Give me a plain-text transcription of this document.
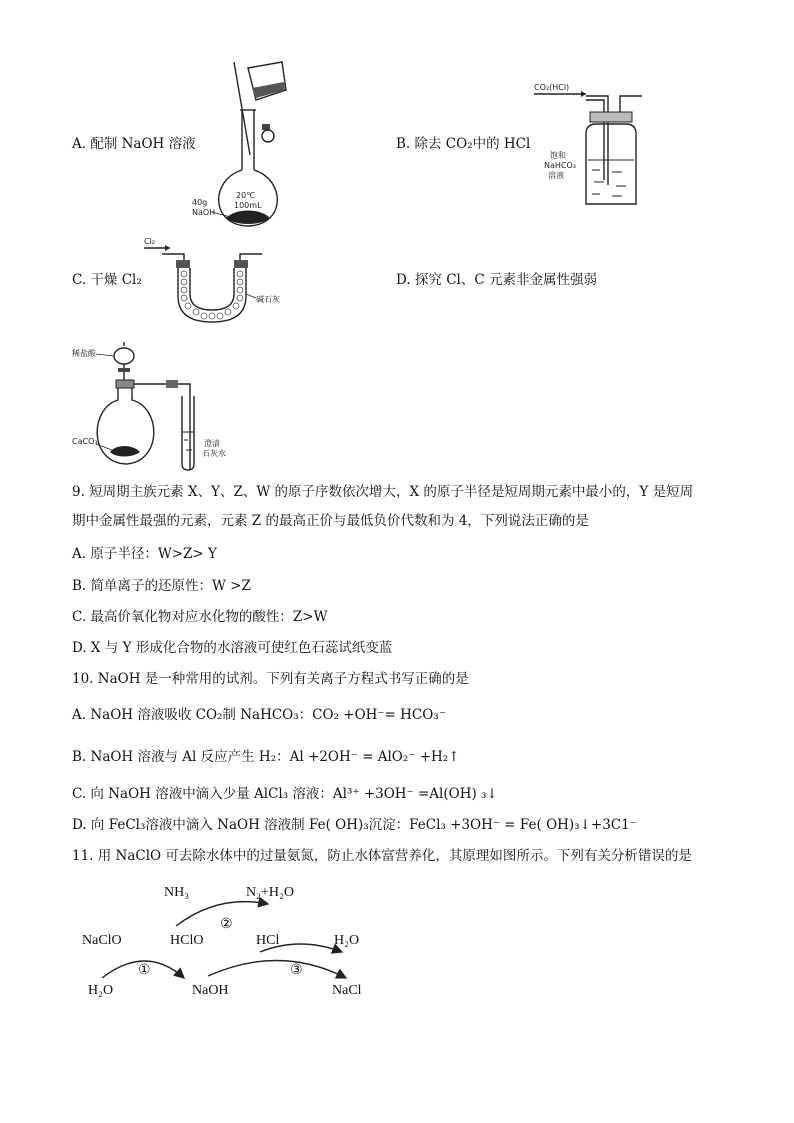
20℃
100mL
40g
NaOH
A. 配制 NaOH 溶液
CO₂(HCl)
饱和
NaHCO₃
溶液
B. 除去 CO₂中的 HCl
Cl₂
碱石灰
C. 干燥 Cl₂	D. 探究 Cl、C 元素非金属性强弱
稀盐酸
CaCO₃	澄清
石灰水
9. 短周期主族元素 X、Y、Z、W 的原子序数依次增大，X 的原子半径是短周期元素中最小的，Y 是短周
期中金属性最强的元素，元素 Z 的最高正价与最低负价代数和为 4，下列说法正确的是
A. 原子半径：W>Z> Y
B. 简单离子的还原性：W >Z
C. 最高价氧化物对应水化物的酸性：Z>W
D. X 与 Y 形成化合物的水溶液可使红色石蕊试纸变蓝
10. NaOH 是一种常用的试剂。下列有关离子方程式书写正确的是
A. NaOH 溶液吸收 CO₂制 NaHCO₃：CO₂ +OH⁻= HCO₃⁻
B. NaOH 溶液与 Al 反应产生 H₂：Al +2OH⁻ = AlO₂⁻ +H₂↑
C. 向 NaOH 溶液中滴入少量 AlCl₃ 溶液：Al³⁺ +3OH⁻ =Al(OH) ₃↓
D. 向 FeCl₃溶液中滴入 NaOH 溶液制 Fe( OH)₃沉淀：FeCl₃ +3OH⁻ = Fe( OH)₃↓+3C1⁻
11. 用 NaClO 可去除水体中的过量氨氮，防止水体富营养化，其原理如图所示。下列有关分析错误的是
NH₃	N₂+H₂O
NaClO	HClO	HCl	H₂O
H₂O	NaOH	NaCl
②
①	③
